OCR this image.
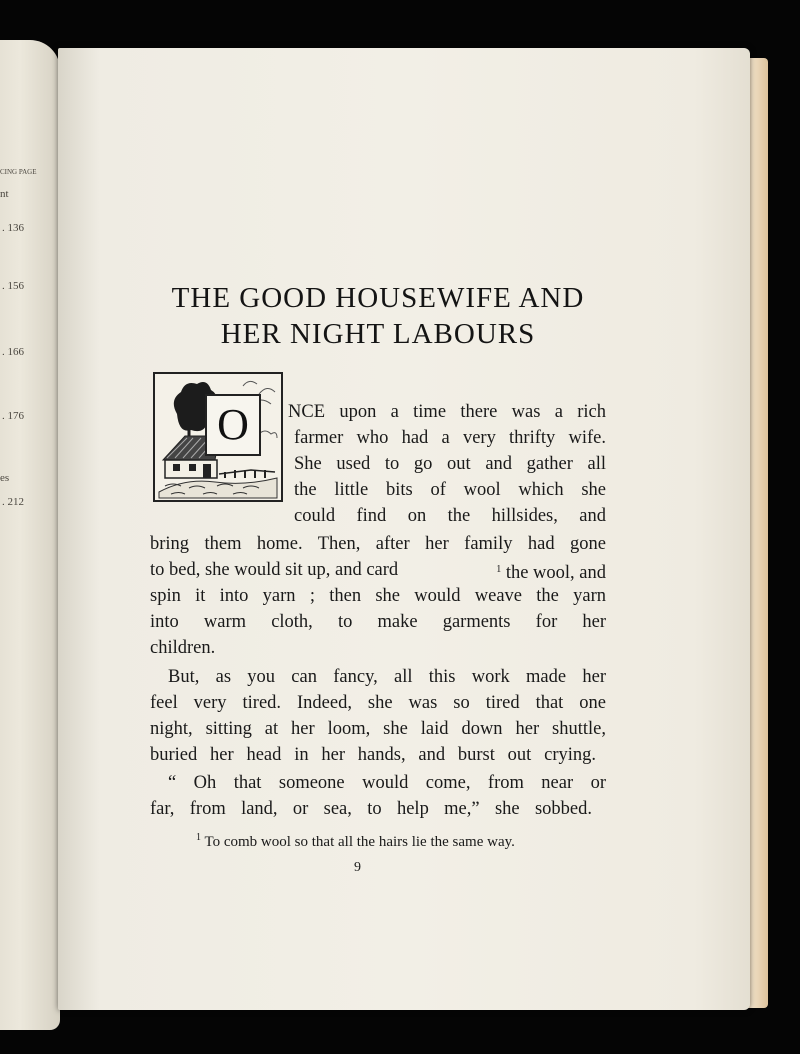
CING PAGE
nt
. 136
. 156
. 166
. 176
es
. 212
THE GOOD HOUSEWIFE AND
HER NIGHT LABOURS
O	NCE upon a time there was a rich
farmer who had a very thrifty wife.
She used to go out and gather all
the little bits of wool which she
could find on the hillsides, and
bring them home. Then, after her family had gone
to bed, she would sit up, and card	$^1$ the wool, and
spin it into yarn ; then she would weave the yarn
into warm cloth, to make garments for her
children.
But, as you can fancy, all this work made her
feel very tired. Indeed, she was so tired that one
night, sitting at her loom, she laid down her shuttle,
buried her head in her hands, and burst out crying.
“ Oh that someone would come, from near or
far, from land, or sea, to help me,” she sobbed.
$^1$ To comb wool so that all the hairs lie the same way.
9
